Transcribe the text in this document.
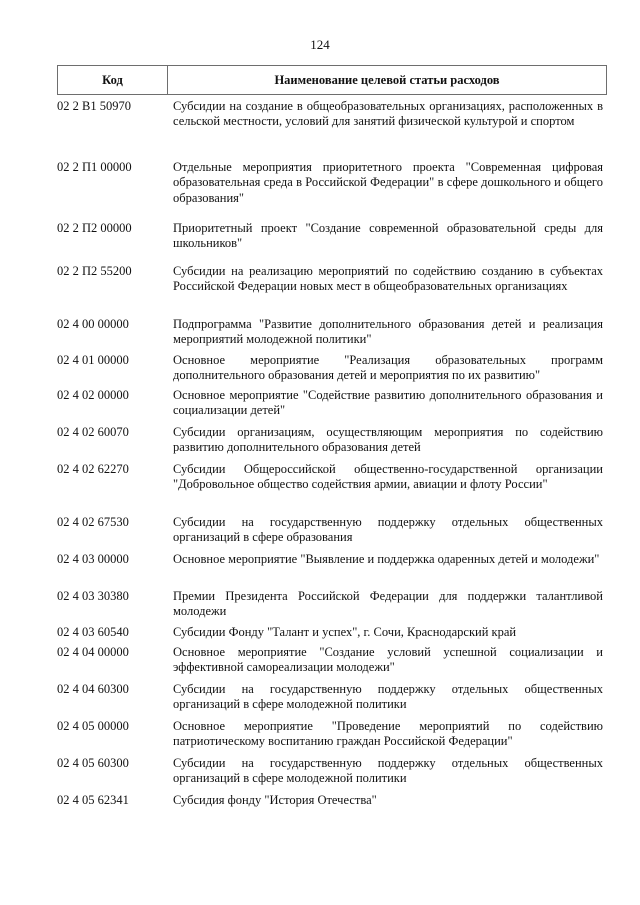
124
Код	Наименование целевой статьи расходов
02 2 В1 50970	Субсидии на создание в общеобразовательных организациях, расположенных в сельской местности, условий для занятий физической культурой и спортом
02 2 П1 00000	Отдельные мероприятия приоритетного проекта "Современная цифровая образовательная среда в Российской Федерации" в сфере дошкольного и общего образования"
02 2 П2 00000	Приоритетный проект "Создание современной образовательной среды для школьников"
02 2 П2 55200	Субсидии на реализацию мероприятий по содействию созданию в субъектах Российской Федерации новых мест в общеобразовательных организациях
02 4 00 00000	Подпрограмма "Развитие дополнительного образования детей и реализация мероприятий молодежной политики"
02 4 01 00000	Основное мероприятие "Реализация образовательных программ дополнительного образования детей и мероприятия по их развитию"
02 4 02 00000	Основное мероприятие "Содействие развитию дополнительного образования и социализации детей"
02 4 02 60070	Субсидии организациям, осуществляющим мероприятия по содействию развитию дополнительного образования детей
02 4 02 62270	Субсидии Общероссийской общественно-государственной организации "Добровольное общество содействия армии, авиации и флоту России"
02 4 02 67530	Субсидии на государственную поддержку отдельных общественных организаций в сфере образования
02 4 03 00000	Основное мероприятие "Выявление и поддержка одаренных детей и молодежи"
02 4 03 30380	Премии Президента Российской Федерации для поддержки талантливой молодежи
02 4 03 60540	Субсидии Фонду "Талант и успех", г. Сочи, Краснодарский край
02 4 04 00000	Основное мероприятие "Создание условий успешной социализации и эффективной самореализации молодежи"
02 4 04 60300	Субсидии на государственную поддержку отдельных общественных организаций в сфере молодежной политики
02 4 05 00000	Основное мероприятие "Проведение мероприятий по содействию патриотическому воспитанию граждан Российской Федерации"
02 4 05 60300	Субсидии на государственную поддержку отдельных общественных организаций в сфере молодежной политики
02 4 05 62341	Субсидия фонду "История Отечества"
